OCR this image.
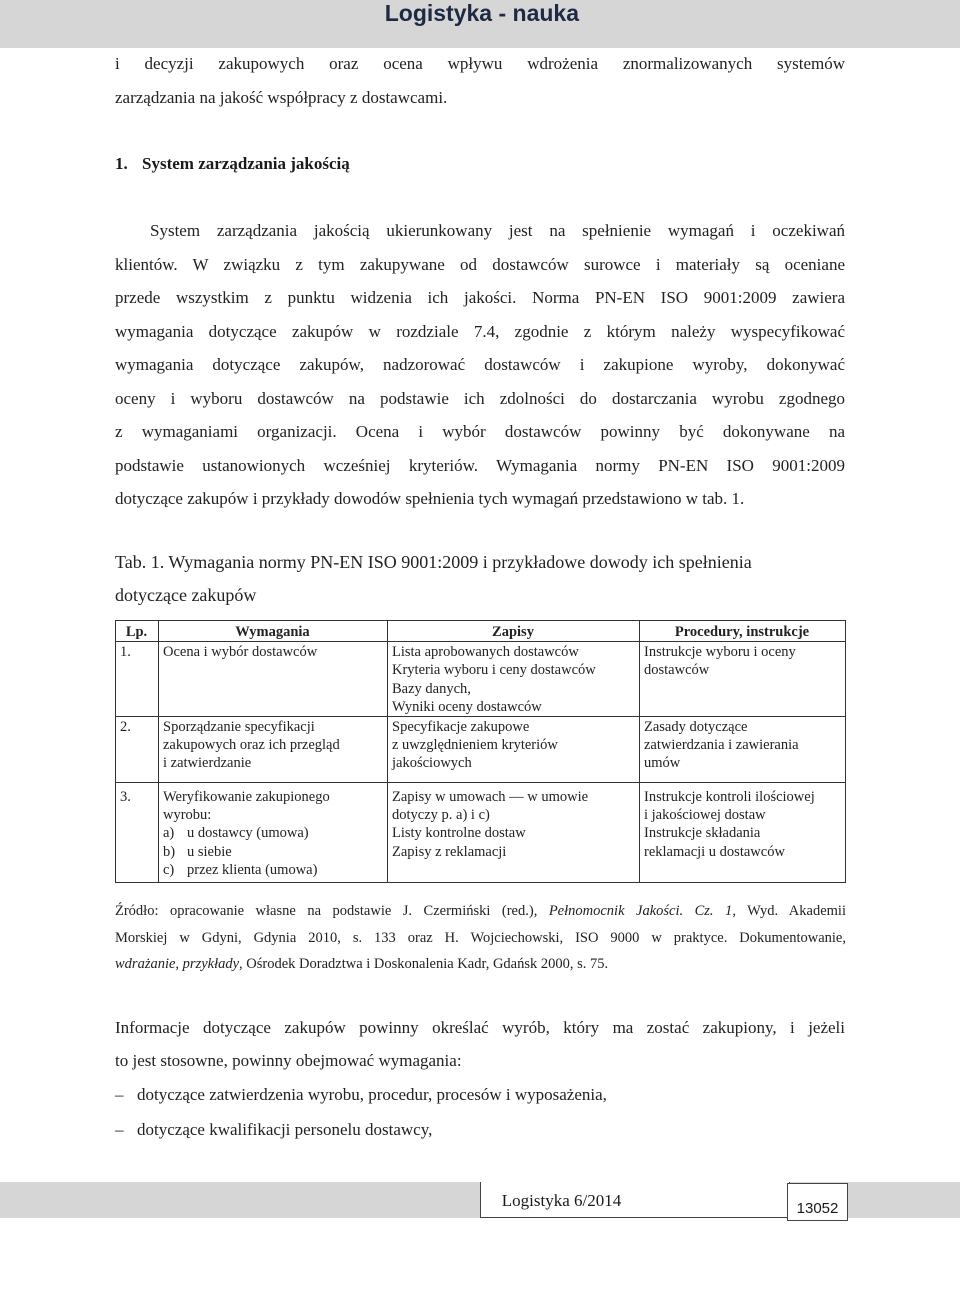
Logistyka - nauka
i decyzji zakupowych oraz ocena wpływu wdrożenia znormalizowanych systemów
zarządzania na jakość współpracy z dostawcami.
1. System zarządzania jakością
System zarządzania jakością ukierunkowany jest na spełnienie wymagań i oczekiwań
klientów. W związku z tym zakupywane od dostawców surowce i materiały są oceniane
przede wszystkim z punktu widzenia ich jakości. Norma PN-EN ISO 9001:2009 zawiera
wymagania dotyczące zakupów w rozdziale 7.4, zgodnie z którym należy wyspecyfikować
wymagania dotyczące zakupów, nadzorować dostawców i zakupione wyroby, dokonywać
oceny i wyboru dostawców na podstawie ich zdolności do dostarczania wyrobu zgodnego
z wymaganiami organizacji. Ocena i wybór dostawców powinny być dokonywane na
podstawie ustanowionych wcześniej kryteriów. Wymagania normy PN-EN ISO 9001:2009
dotyczące zakupów i przykłady dowodów spełnienia tych wymagań przedstawiono w tab. 1.
Tab. 1. Wymagania normy PN-EN ISO 9001:2009 i przykładowe dowody ich spełnienia
dotyczące zakupów
Lp.	Wymagania	Zapisy	Procedury, instrukcje
1.	Ocena i wybór dostawców	Lista aprobowanych dostawców
Kryteria wyboru i ceny dostawców
Bazy danych,
Wyniki oceny dostawców	Instrukcje wyboru i oceny
dostawców

2.	Sporządzanie specyfikacji
zakupowych oraz ich przegląd
i zatwierdzanie	Specyfikacje zakupowe
z uwzględnieniem kryteriów
jakościowych	Zasady dotyczące
zatwierdzania i zawierania
umów

3.	Weryfikowanie zakupionego
wyrobu:
a) u dostawcy (umowa)
b) u siebie
c) przez klienta (umowa)	Zapisy w umowach — w umowie
dotyczy p. a) i c)
Listy kontrolne dostaw
Zapisy z reklamacji	Instrukcje kontroli ilościowej
i jakościowej dostaw
Instrukcje składania
reklamacji u dostawców
Źródło: opracowanie własne na podstawie J. Czermiński (red.), Pełnomocnik Jakości. Cz. 1, Wyd. Akademii
Morskiej w Gdyni, Gdynia 2010, s. 133 oraz H. Wojciechowski, ISO 9000 w praktyce. Dokumentowanie,
wdrażanie, przykłady, Ośrodek Doradztwa i Doskonalenia Kadr, Gdańsk 2000, s. 75.
Informacje dotyczące zakupów powinny określać wyrób, który ma zostać zakupiony, i jeżeli
to jest stosowne, powinny obejmować wymagania:
– dotyczące zatwierdzenia wyrobu, procedur, procesów i wyposażenia,
– dotyczące kwalifikacji personelu dostawcy,
Logistyka 6/2014	13052
